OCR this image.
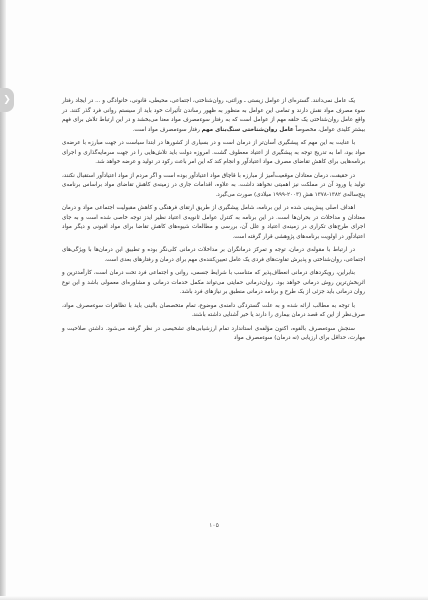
❯	یک عامل نمی‌دانند. گستره‌ای از عوامل زیستی ـ وراثتی، روان‌شناختی، اجتماعی، محیطی، قانونی، خانوادگی و ... در ایجاد رفتار سوء مصرف مواد نقش دارند و تمامی این عوامل به منظور به ظهور رساندن تأثیرات خود باید از سیستم روانی فرد گذر کنند. در واقع عامل روان‌شناختی یک حلقه مهم از عوامل است که به رفتار سوءمصرف مواد معنا می‌بخشد و در این ارتباط تلاش برای فهم بیشتر کلیدی عوامل، مخصوصاً عامل روان‌شناختی سنگ‌بنای مهم رفتار سوءمصرف مواد است.

با عنایت به این مهم که پیشگیری آسان‌تر از درمان است و در بسیاری از کشورها در ابتدا سیاست در جهت مبارزه با عرضه‌ی مواد بود، اما به تدریج توجه به پیشگیری از اعتیاد معطوف گشت. امروزه دولت باید تلاش‌هایی را در جهت سرمایه‌گذاری و اجرای برنامه‌هایی برای کاهش تقاضای مصرف مواد اعتیادآور و انجام کند که این امر باعث رکود در تولید و عرضه خواهد شد.

در حقیقت، درمان معتادان موقعیت‌آمیز از مبارزه با قاچاق مواد اعتیادآور بوده است و اگر مردم از مواد اعتیادآور استقبال نکنند، تولید یا ورود آن در مملکت نیز اهمیتی نخواهد داشت. به علاوه، اقدامات جاری در زمینه‌ی کاهش تقاضای مواد براساس برنامه‌ی پنج‌ساله‌ی ۱۳۸۲-۱۳۷۸ هش (۲۰۰۳-۱۹۹۹ میلادی) صورت می‌گیرد.

اهداف اصلی پیش‌بینی شده در این برنامه، شامل پیشگیری از طریق ارتقای فرهنگی و کاهش مقبولیت اجتماعی مواد و درمان معتادان و مداخلات در بحران‌ها است. در این برنامه به کنترل عوامل ثانویه‌ی اعتیاد نظیر ایدز توجه خاصی شده است و به جای اجرای طرح‌های تکراری در زمینه‌ی اعتیاد و علل آن، بررسی و مطالعات شیوه‌های کاهش تقاضا برای مواد افیونی و دیگر مواد اعتیادآور در اولویت برنامه‌های پژوهشی قرار گرفته است.

در ارتباط با مقوله‌ی درمان، توجه و تمرکز درمانگران بر مداخلات درمانی کلی‌نگر بوده و تطبیق این درمان‌ها با ویژگی‌های اجتماعی، روان‌شناختی و پذیرش تفاوت‌های فردی یک عامل تعیین‌کننده‌ی مهم برای درمان و رفتارهای بعدی است.

بنابراین، رویکردهای درمانی انعطاف‌پذیر که متناسب با شرایط جسمی، روانی و اجتماعی فرد تحت درمان است، کارآمدترین و اثربخش‌ترین روش درمانی خواهد بود. روان‌درمانی حمایتی می‌تواند مکمل خدمات درمانی و مشاوره‌ای معمولی باشد و این نوع روان درمانی باید جزئی از یک طرح و برنامه درمانی منطبق بر نیازهای فرد باشد.

با توجه به مطالب ارائه شده و به علت گستردگی دامنه‌ی موضوع، تمام متخصصان بالینی باید با تظاهرات سوءمصرف مواد، صرف‌نظر از این که قصد درمان بیماری را دارند یا خیر آشنایی داشته باشند.

سنجش سوءمصرف بالقوه، اکنون مؤلفه‌ی استاندارد تمام ارزشیابی‌های تشخیصی در نظر گرفته می‌شود. داشتن صلاحیت و مهارت، حداقل برای ارزیابی (نه درمان) سوءمصرف مواد

۱۰۵
